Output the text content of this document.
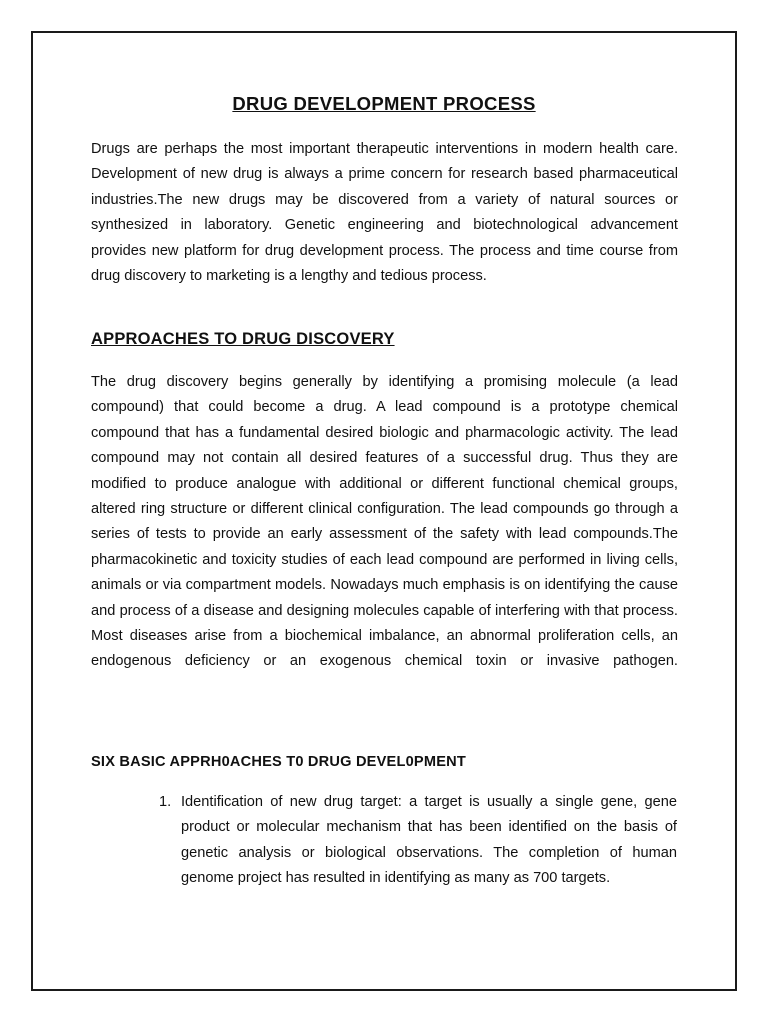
DRUG DEVELOPMENT PROCESS

Drugs are perhaps the most important therapeutic interventions in modern health care. Development of new drug is always a prime concern for research based pharmaceutical industries.The new drugs may be discovered from a variety of natural sources or synthesized in laboratory. Genetic engineering and biotechnological advancement provides new platform for drug development process. The process and time course from drug discovery to marketing is a lengthy and tedious process.

APPROACHES TO DRUG DISCOVERY

The drug discovery begins generally by identifying a promising molecule (a lead compound) that could become a drug. A lead compound is a prototype chemical compound that has a fundamental desired biologic and pharmacologic activity. The lead compound may not contain all desired features of a successful drug. Thus they are modified to produce analogue with additional or different functional chemical groups, altered ring structure or different clinical configuration. The lead compounds go through a series of tests to provide an early assessment of the safety with lead compounds.The pharmacokinetic and toxicity studies of each lead compound are performed in living cells, animals or via compartment models. Nowadays much emphasis is on identifying the cause and process of a disease and designing molecules capable of interfering with that process. Most diseases arise from a biochemical imbalance, an abnormal proliferation cells, an endogenous deficiency or an exogenous chemical toxin or invasive pathogen.

SIX BASIC APPRH0ACHES T0 DRUG DEVEL0PMENT
1. Identification of new drug target: a target is usually a single gene, gene product or molecular mechanism that has been identified on the basis of genetic analysis or biological observations. The completion of human genome project has resulted in identifying as many as 700 targets.
